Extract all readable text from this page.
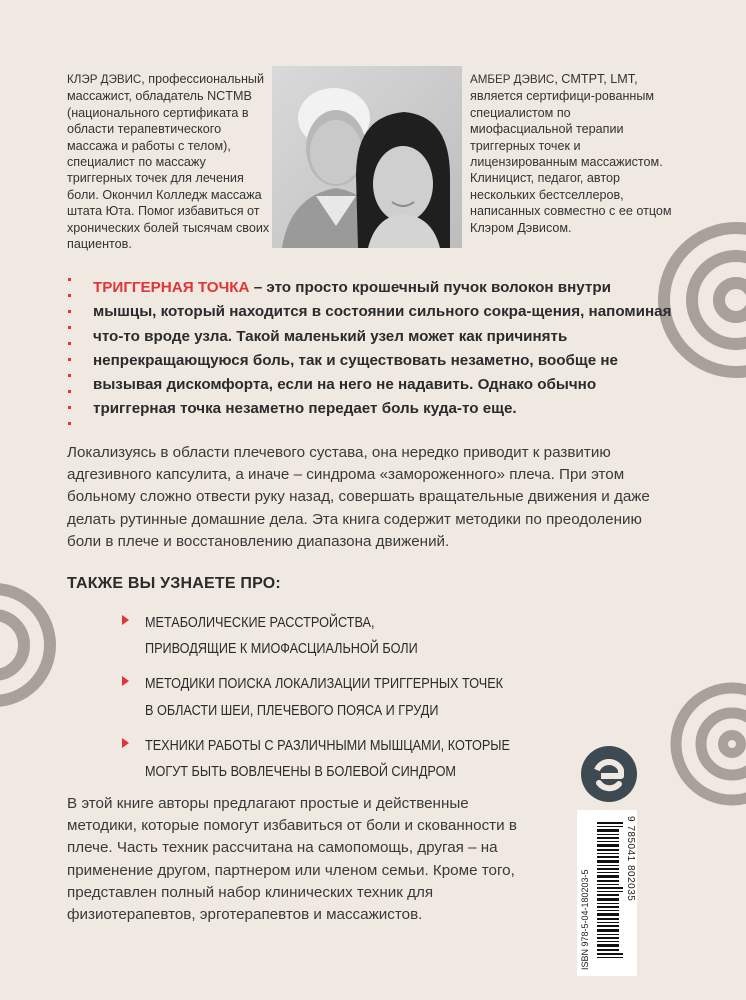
КЛЭР ДЭВИС, профессиональный массажист, обладатель NCTMB (национального сертификата в области терапевтического массажа и работы с телом), специалист по массажу триггерных точек для лечения боли. Окончил Колледж массажа штата Юта. Помог избавиться от хронических болей тысячам своих пациентов.
АМБЕР ДЭВИС, CMTPT, LMT, является сертифици-рованным специалистом по миофасциальной терапии триггерных точек и лицензированным массажистом. Клиницист, педагог, автор нескольких бестселлеров, написанных совместно с ее отцом Клэром Дэвисом.
ТРИГГЕРНАЯ ТОЧКА – это просто крошечный пучок волокон внутри мышцы, который находится в состоянии сильного сокра-щения, напоминая что-то вроде узла. Такой маленький узел может как причинять непрекращающуюся боль, так и существовать незаметно, вообще не вызывая дискомфорта, если на него не надавить. Однако обычно триггерная точка незаметно передает боль куда-то еще.
Локализуясь в области плечевого сустава, она нередко приводит к развитию адгезивного капсулита, а иначе – синдрома «замороженного» плеча. При этом больному сложно отвести руку назад, совершать вращательные движения и даже делать рутинные домашние дела. Эта книга содержит методики по преодолению боли в плече и восстановлению диапазона движений.
ТАКЖЕ ВЫ УЗНАЕТЕ ПРО:
МЕТАБОЛИЧЕСКИЕ РАССТРОЙСТВА,
ПРИВОДЯЩИЕ К МИОФАСЦИАЛЬНОЙ БОЛИ
МЕТОДИКИ ПОИСКА ЛОКАЛИЗАЦИИ ТРИГГЕРНЫХ ТОЧЕК
В ОБЛАСТИ ШЕИ, ПЛЕЧЕВОГО ПОЯСА И ГРУДИ
ТЕХНИКИ РАБОТЫ С РАЗЛИЧНЫМИ МЫШЦАМИ, КОТОРЫЕ
МОГУТ БЫТЬ ВОВЛЕЧЕНЫ В БОЛЕВОЙ СИНДРОМ
В этой книге авторы предлагают простые и действенные методики, которые помогут избавиться от боли и скованности в плече. Часть техник рассчитана на самопомощь, другая – на применение другом, партнером или членом семьи. Кроме того, представлен полный набор клинических техник для физиотерапевтов, эрготерапевтов и массажистов.	ISBN 978-5-04-180203-5
9 785041 802035
